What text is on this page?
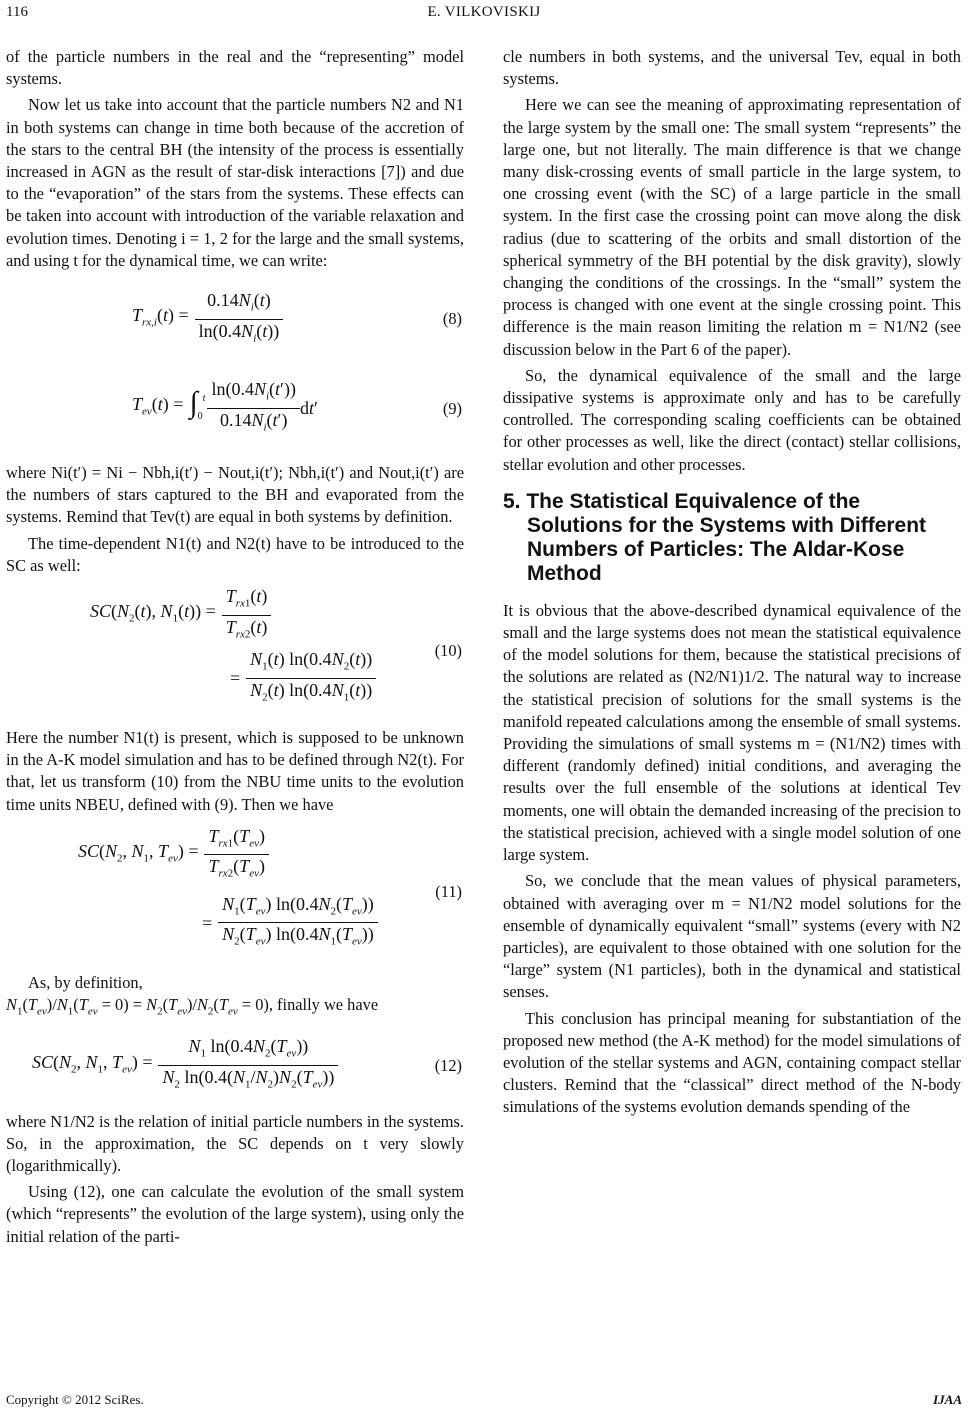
116	E. VILKOVISKIJ

of the particle numbers in the real and the “representing” model systems.

Now let us take into account that the particle numbers N2 and N1 in both systems can change in time both because of the accretion of the stars to the central BH (the intensity of the process is essentially increased in AGN as the result of star-disk interactions [7]) and due to the “evaporation” of the stars from the systems. These effects can be taken into account with introduction of the variable relaxation and evolution times. Denoting i = 1, 2 for the large and the small systems, and using t for the dynamical time, we can write:

$T_{rx,i}(t) = \frac{0.14N_i(t)}{\ln(0.4N_i(t))}$	(8)
$T_{ev}(t) = \int_0^t \frac{\ln(0.4N_i(t'))}{0.14N_i(t')} dt'$	(9)

where Ni(t′) = Ni − Nbh,i(t′) − Nout,i(t′); Nbh,i(t′) and Nout,i(t′) are the numbers of stars captured to the BH and evaporated from the systems. Remind that Tev(t) are equal in both systems by definition.

The time-dependent N1(t) and N2(t) have to be introduced to the SC as well:

$SC(N_2(t)$, $N_1(t)) = \frac{T_{rx1}(t)}{T_{rx2}(t)}$
= $\frac{N_1(t) \ln(0.4N_2(t))}{N_2(t) \ln(0.4N_1(t))}$	(10)

Here the number N1(t) is present, which is supposed to be unknown in the A-K model simulation and has to be defined through N2(t). For that, let us transform (10) from the NBU time units to the evolution time units NBEU, defined with (9). Then we have

$SC(N_2$, $N_1$, $T_{ev}) = \frac{T_{rx1}(T_{ev})}{T_{rx2}(T_{ev})}$
= $\frac{N_1(T_{ev}) \ln(0.4N_2(T_{ev}))}{N_2(T_{ev}) \ln(0.4N_1(T_{ev}))}$
(11)

As, by definition,

$N_1(T_{ev})/N_1(T_{ev} = 0) = N_2(T_{ev})/N_2(T_{ev} = 0)$, finally we have

$SC(N_2$, $N_1$, $T_{ev}) = \frac{N_1 \ln(0.4N_2(T_{ev}))}{N_2 \ln(0.4(N_1/N_2)N_2(T_{ev}))}$	(12)

where N1/N2 is the relation of initial particle numbers in the systems. So, in the approximation, the SC depends on t very slowly (logarithmically).

Using (12), one can calculate the evolution of the small system (which “represents” the evolution of the large system), using only the initial relation of the parti-

cle numbers in both systems, and the universal Tev, equal in both systems.

Here we can see the meaning of approximating representation of the large system by the small one: The small system “represents” the large one, but not literally. The main difference is that we change many disk-crossing events of small particle in the large system, to one crossing event (with the SC) of a large particle in the small system. In the first case the crossing point can move along the disk radius (due to scattering of the orbits and small distortion of the spherical symmetry of the BH potential by the disk gravity), slowly changing the conditions of the crossings. In the “small” system the process is changed with one event at the single crossing point. This difference is the main reason limiting the relation m = N1/N2 (see discussion below in the Part 6 of the paper).

So, the dynamical equivalence of the small and the large dissipative systems is approximate only and has to be carefully controlled. The corresponding scaling coefficients can be obtained for other processes as well, like the direct (contact) stellar collisions, stellar evolution and other processes.

5. The Statistical Equivalence of the Solutions for the Systems with Different Numbers of Particles: The Aldar-Kose Method

It is obvious that the above-described dynamical equivalence of the small and the large systems does not mean the statistical equivalence of the model solutions for them, because the statistical precisions of the solutions are related as (N2/N1)1/2. The natural way to increase the statistical precision of solutions for the small systems is the manifold repeated calculations among the ensemble of small systems. Providing the simulations of small systems m = (N1/N2) times with different (randomly defined) initial conditions, and averaging the results over the full ensemble of the solutions at identical Tev moments, one will obtain the demanded increasing of the precision to the statistical precision, achieved with a single model solution of one large system.

So, we conclude that the mean values of physical parameters, obtained with averaging over m = N1/N2 model solutions for the ensemble of dynamically equivalent “small” systems (every with N2 particles), are equivalent to those obtained with one solution for the “large” system (N1 particles), both in the dynamical and statistical senses.

This conclusion has principal meaning for substantiation of the proposed new method (the A-K method) for the model simulations of evolution of the stellar systems and AGN, containing compact stellar clusters. Remind that the “classical” direct method of the N-body simulations of the systems evolution demands spending of the

Copyright © 2012 SciRes.	IJAA
